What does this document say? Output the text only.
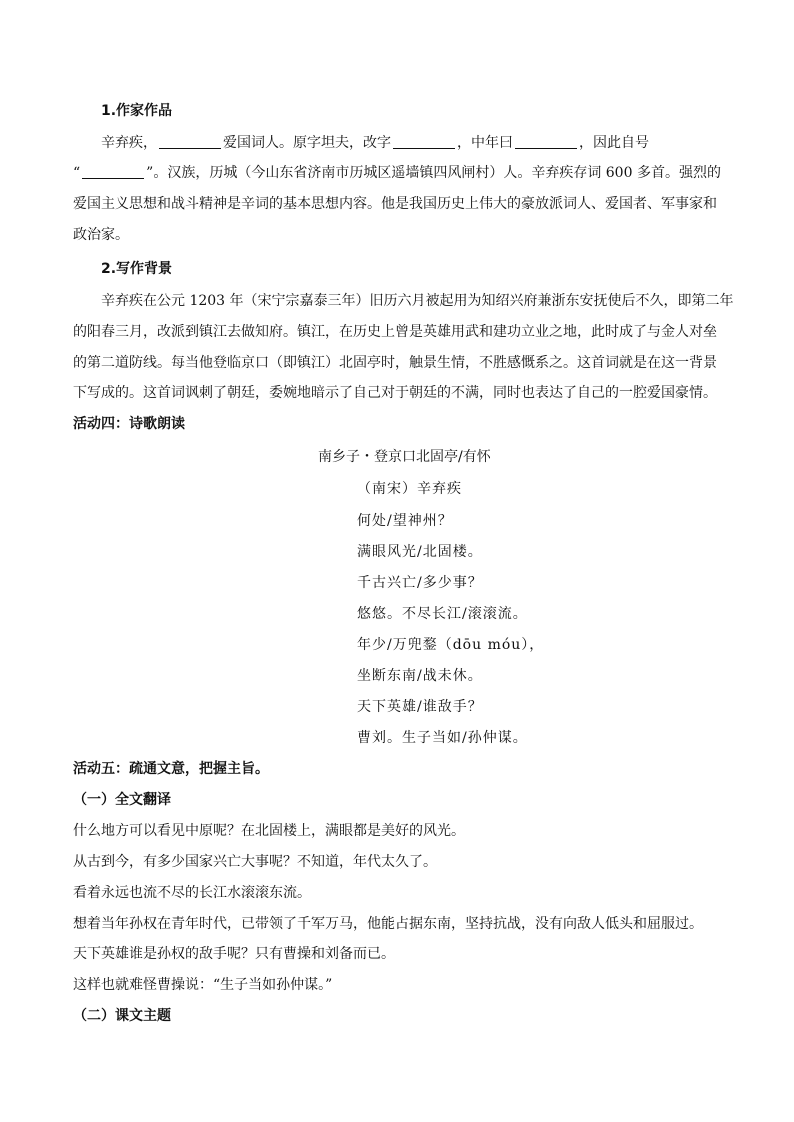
1.作家作品
辛弃疾，	爱国词人。原字坦夫，改字	，中年曰	，因此自号
“	”。汉族，历城（今山东省济南市历城区遥墙镇四风闸村）人。辛弃疾存词 600 多首。强烈的
爱国主义思想和战斗精神是辛词的基本思想内容。他是我国历史上伟大的豪放派词人、爱国者、军事家和
政治家。
2.写作背景
辛弃疾在公元 1203 年（宋宁宗嘉泰三年）旧历六月被起用为知绍兴府兼浙东安抚使后不久，即第二年
的阳春三月，改派到镇江去做知府。镇江，在历史上曾是英雄用武和建功立业之地，此时成了与金人对垒
的第二道防线。每当他登临京口（即镇江）北固亭时，触景生情，不胜感慨系之。这首词就是在这一背景
下写成的。这首词讽刺了朝廷，委婉地暗示了自己对于朝廷的不满，同时也表达了自己的一腔爱国豪情。
活动四：诗歌朗读
南乡子・登京口北固亭/有怀
（南宋）辛弃疾
何处/望神州？
满眼风光/北固楼。
千古兴亡/多少事？
悠悠。不尽长江/滚滚流。
年少/万兜鍪（dōu móu），
坐断东南/战未休。
天下英雄/谁敌手？
曹刘。生子当如/孙仲谋。
活动五：疏通文意，把握主旨。
（一）全文翻译
什么地方可以看见中原呢？在北固楼上，满眼都是美好的风光。
从古到今，有多少国家兴亡大事呢？不知道，年代太久了。
看着永远也流不尽的长江水滚滚东流。
想着当年孙权在青年时代，已带领了千军万马，他能占据东南，坚持抗战，没有向敌人低头和屈服过。
天下英雄谁是孙权的敌手呢？只有曹操和刘备而已。
这样也就难怪曹操说：“生子当如孙仲谋。”
（二）课文主题
